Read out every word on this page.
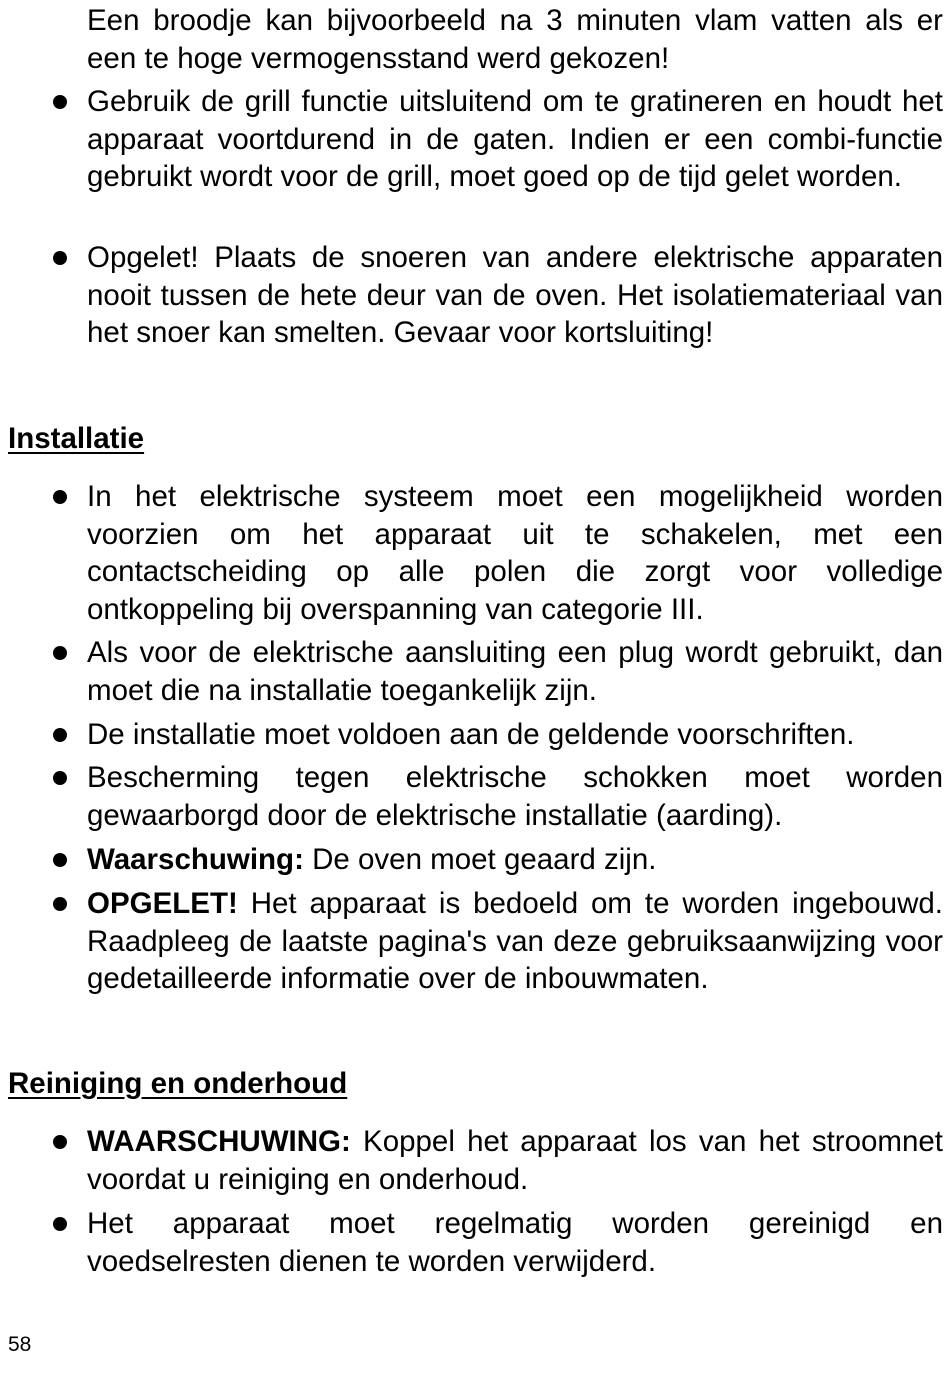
Een broodje kan bijvoorbeeld na 3 minuten vlam vatten als er een te hoge vermogensstand werd gekozen!

Gebruik de grill functie uitsluitend om te gratineren en houdt het apparaat voortdurend in de gaten. Indien er een combi-functie gebruikt wordt voor de grill, moet goed op de tijd gelet worden.

Opgelet! Plaats de snoeren van andere elektrische apparaten nooit tussen de hete deur van de oven. Het isolatiemateriaal van het snoer kan smelten. Gevaar voor kortsluiting!

Installatie

In het elektrische systeem moet een mogelijkheid worden voorzien om het apparaat uit te schakelen, met een contactscheiding op alle polen die zorgt voor volledige ontkoppeling bij overspanning van categorie III.

Als voor de elektrische aansluiting een plug wordt gebruikt, dan moet die na installatie toegankelijk zijn.

De installatie moet voldoen aan de geldende voorschriften.

Bescherming tegen elektrische schokken moet worden gewaarborgd door de elektrische installatie (aarding).

Waarschuwing: De oven moet geaard zijn.

OPGELET! Het apparaat is bedoeld om te worden ingebouwd. Raadpleeg de laatste pagina's van deze gebruiksaanwijzing voor gedetailleerde informatie over de inbouwmaten.

Reiniging en onderhoud

WAARSCHUWING: Koppel het apparaat los van het stroomnet voordat u reiniging en onderhoud.

Het apparaat moet regelmatig worden gereinigd en voedselresten dienen te worden verwijderd.

58
